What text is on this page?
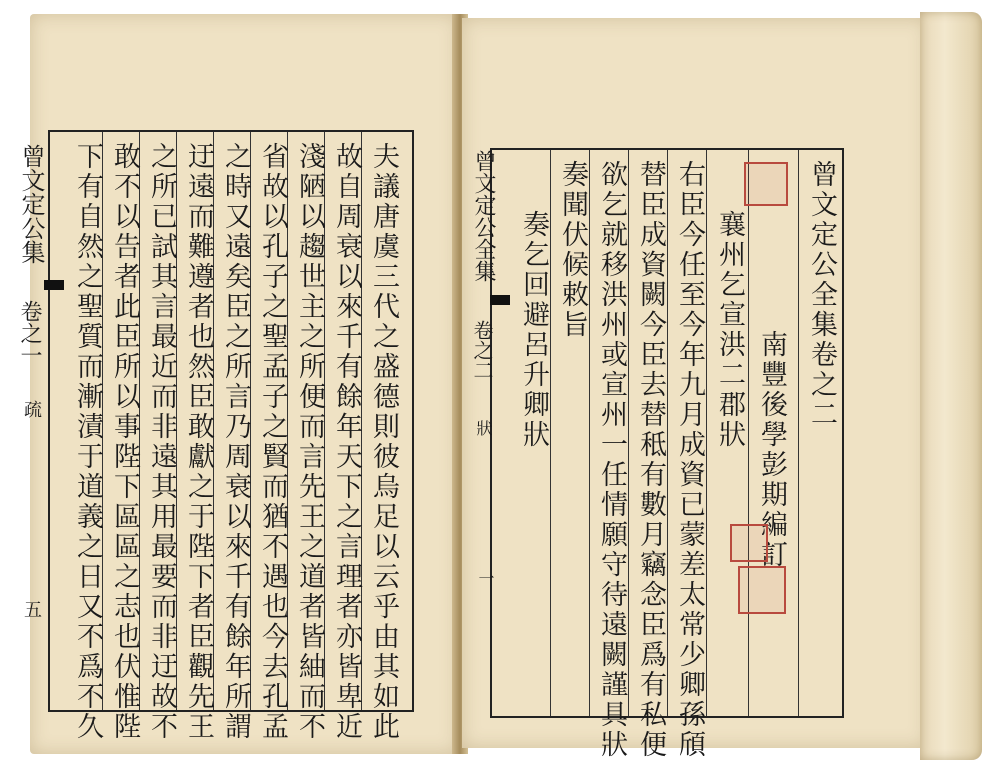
夫議唐虞三代之盛德則彼烏足以云乎由其如此
故自周衰以來千有餘年天下之言理者亦皆卑近
淺陋以趨世主之所便而言先王之道者皆紬而不
省故以孔子之聖孟子之賢而猶不遇也今去孔孟
之時又遠矣臣之所言乃周衰以來千有餘年所謂
迂遠而難遵者也然臣敢獻之于陛下者臣觀先王
之所已試其言最近而非遠其用最要而非迂故不
敢不以告者此臣所以事陛下區區之志也伏惟陛
下有自然之聖質而漸漬于道義之日又不爲不久
曾文定公集
卷之一
疏
五
曾文定公全集卷之二
南豐後學彭期編訂
襄州乞宣洪二郡狀
右臣今任至今年九月成資已蒙差太常少卿孫頎
替臣成資闕今臣去替秪有數月竊念臣爲有私便
欲乞就移洪州或宣州一任情願守待遠闕謹具狀
奏聞伏候敕旨
奏乞回避呂升卿狀
曾文定公全集
卷之二
狀
一
